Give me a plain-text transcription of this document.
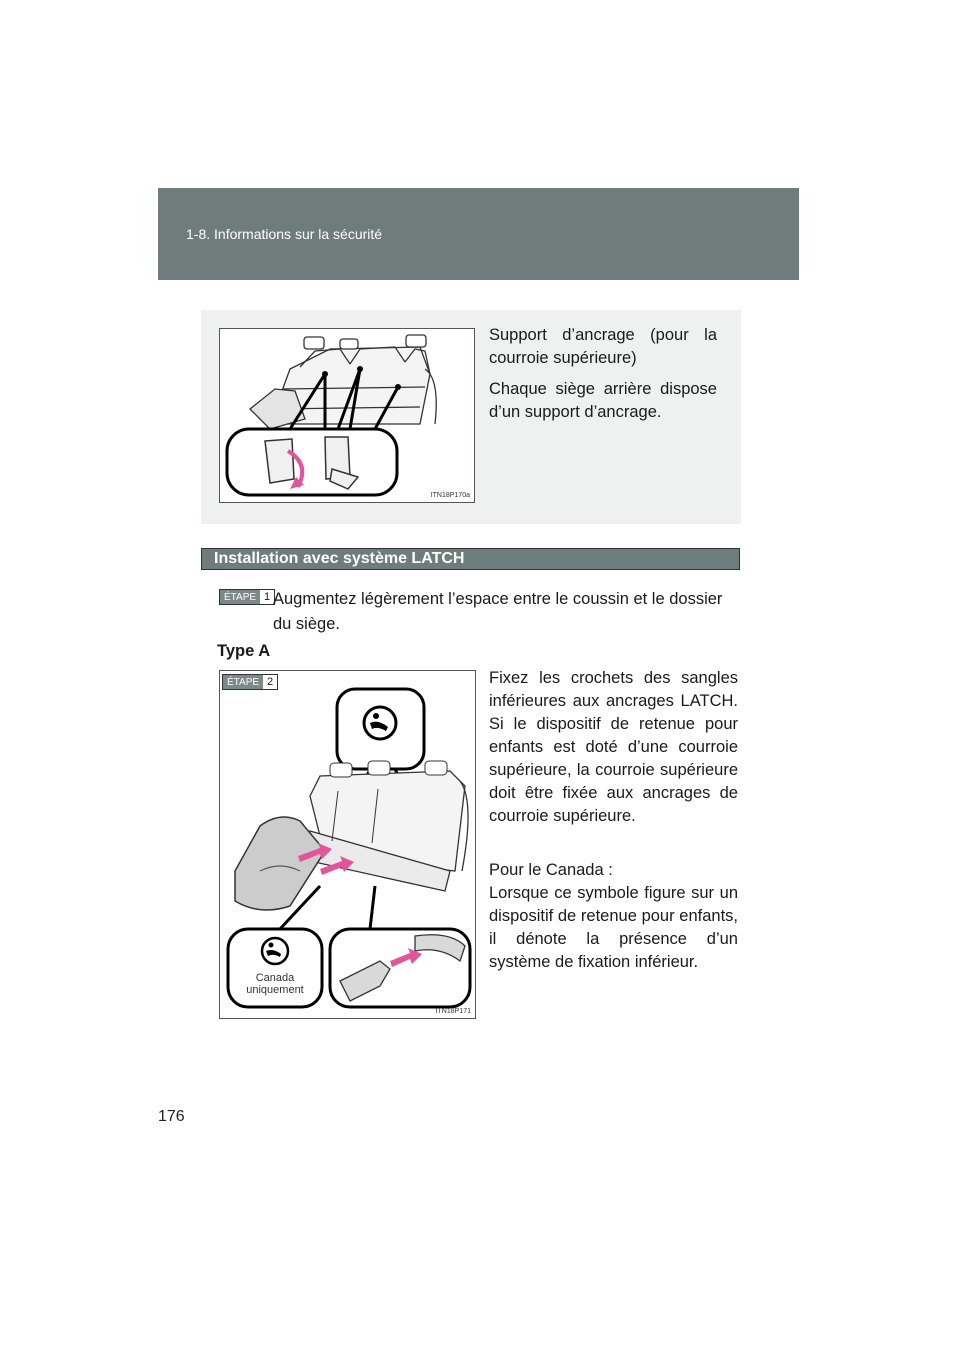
1-8. Informations sur la sécurité
ITN18P170a

Support d’ancrage (pour la courroie supérieure)

Chaque siège arrière dispose d’un support d’ancrage.

Installation avec système LATCH
ÉTAPE 1 Augmentez légèrement l’espace entre le coussin et le dossier du siège.

Type A
ÉTAPE 2
Canada
uniquement
ITN18P171

Fixez les crochets des sangles inférieures aux ancrages LATCH. Si le dispositif de retenue pour enfants est doté d’une courroie supérieure, la courroie supérieure doit être fixée aux ancrages de courroie supérieure.

Pour le Canada :

Lorsque ce symbole figure sur un dispositif de retenue pour enfants, il dénote la présence d’un système de fixation inférieur.

176
